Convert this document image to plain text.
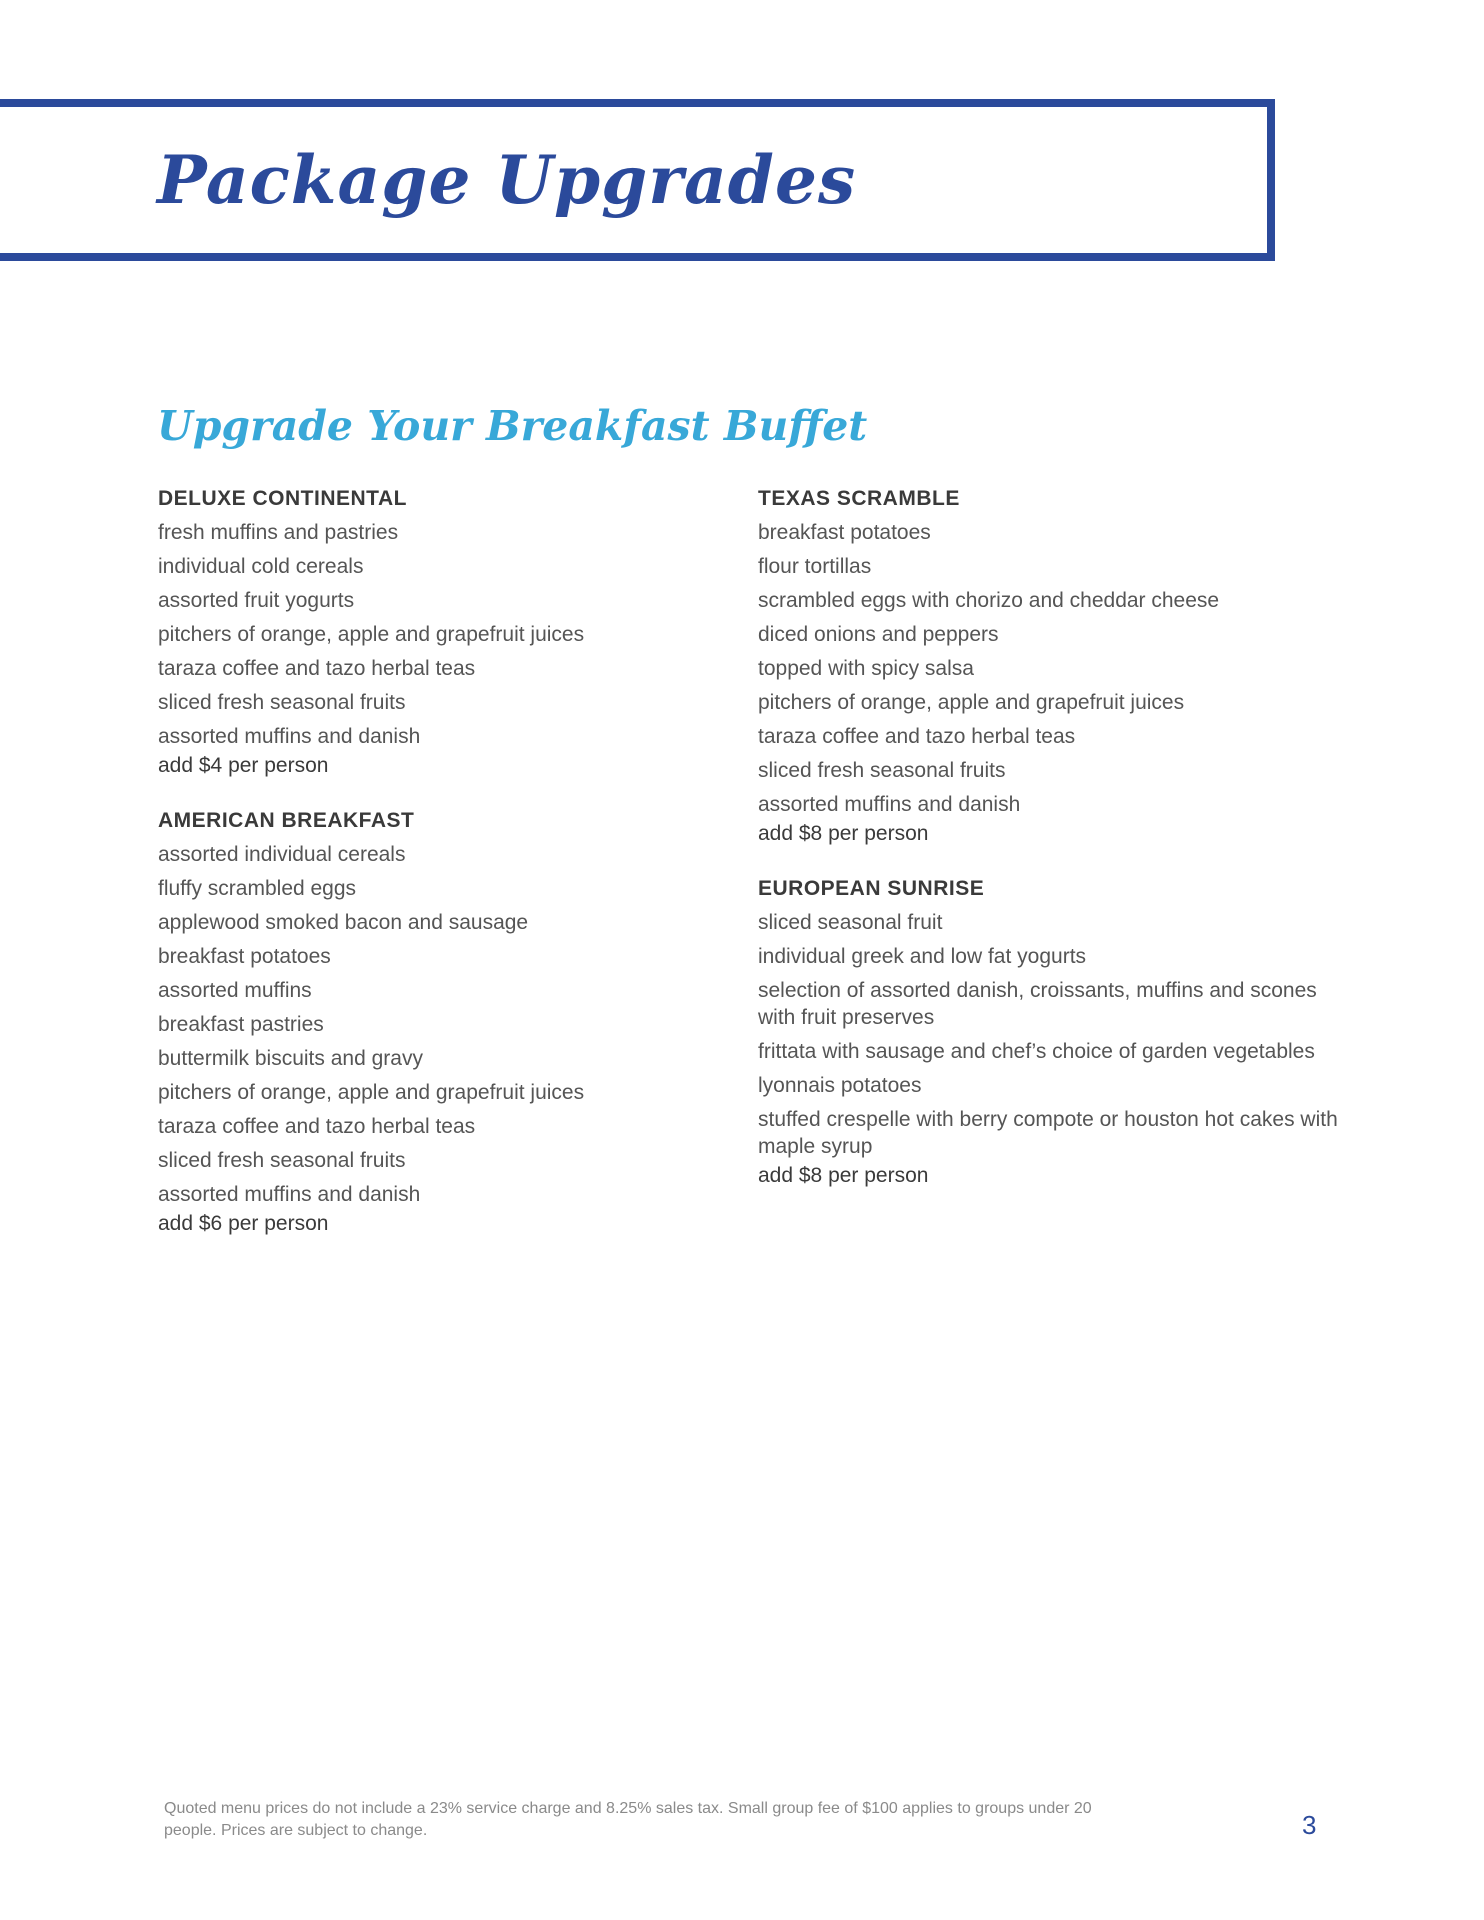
Package Upgrades
Upgrade Your Breakfast Buffet
DELUXE CONTINENTAL
fresh muffins and pastries
individual cold cereals
assorted fruit yogurts
pitchers of orange, apple and grapefruit juices
taraza coffee and tazo herbal teas
sliced fresh seasonal fruits
assorted muffins and danish
add $4 per person
AMERICAN BREAKFAST
assorted individual cereals
fluffy scrambled eggs
applewood smoked bacon and sausage
breakfast potatoes
assorted muffins
breakfast pastries
buttermilk biscuits and gravy
pitchers of orange, apple and grapefruit juices
taraza coffee and tazo herbal teas
sliced fresh seasonal fruits
assorted muffins and danish
add $6 per person
TEXAS SCRAMBLE
breakfast potatoes
flour tortillas
scrambled eggs with chorizo and cheddar cheese
diced onions and peppers
topped with spicy salsa
pitchers of orange, apple and grapefruit juices
taraza coffee and tazo herbal teas
sliced fresh seasonal fruits
assorted muffins and danish
add $8 per person
EUROPEAN SUNRISE
sliced seasonal fruit
individual greek and low fat yogurts
selection of assorted danish, croissants, muffins and scones with fruit preserves
frittata with sausage and chef’s choice of garden vegetables
lyonnais potatoes
stuffed crespelle with berry compote or houston hot cakes with maple syrup
add $8 per person

Quoted menu prices do not include a 23% service charge and 8.25% sales tax. Small group fee of $100 applies to groups under 20 people. Prices are subject to change.	3
